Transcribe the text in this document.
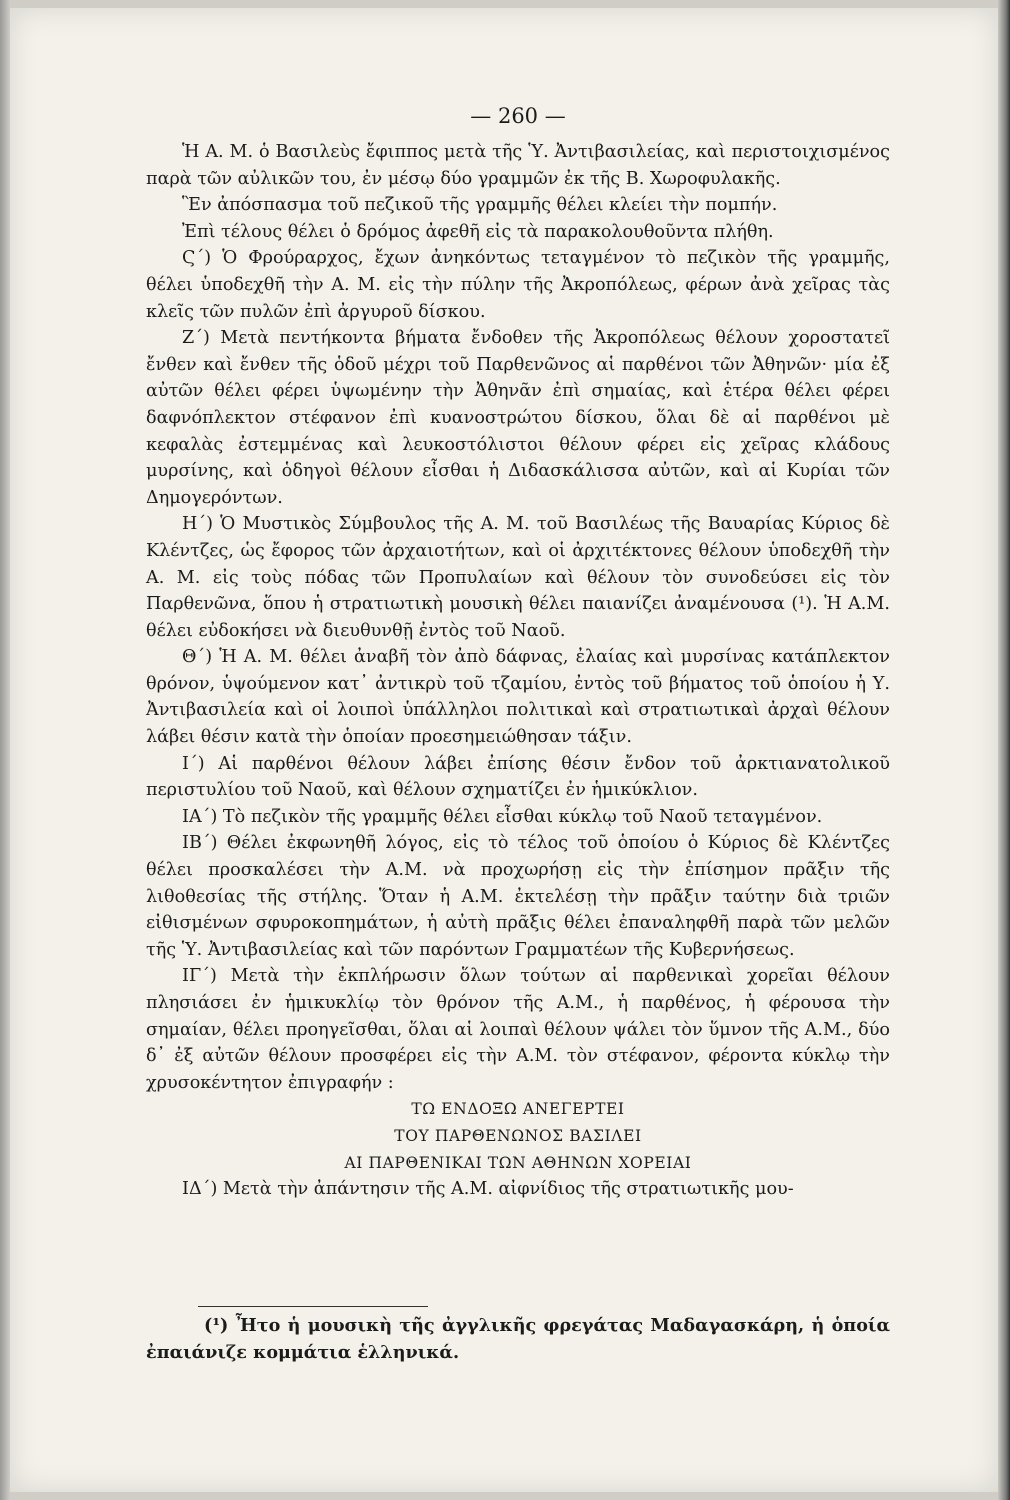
— 260 —

Ἡ Α. Μ. ὁ Βασιλεὺς ἔφιππος μετὰ τῆς Ὑ. Ἀντιβασιλείας, καὶ περιστοιχισμένος παρὰ τῶν αὐλικῶν του, ἐν μέσῳ δύο γραμμῶν ἐκ τῆς Β. Χωροφυλακῆς.

Ἓν ἀπόσπασμα τοῦ πεζικοῦ τῆς γραμμῆς θέλει κλείει τὴν πομπήν.

Ἐπὶ τέλους θέλει ὁ δρόμος ἀφεθῆ εἰς τὰ παρακολουθοῦντα πλήθη.

Ϛ΄) Ὁ Φρούραρχος, ἔχων ἀνηκόντως τεταγμένον τὸ πεζικὸν τῆς γραμμῆς, θέλει ὑποδεχθῆ τὴν Α. Μ. εἰς τὴν πύλην τῆς Ἀκροπόλεως, φέρων ἀνὰ χεῖρας τὰς κλεῖς τῶν πυλῶν ἐπὶ ἀργυροῦ δίσκου.

Ζ΄) Μετὰ πεντήκοντα βήματα ἔνδοθεν τῆς Ἀκροπόλεως θέλουν χοροστατεῖ ἔνθεν καὶ ἔνθεν τῆς ὁδοῦ μέχρι τοῦ Παρθενῶνος αἱ παρθένοι τῶν Ἀθηνῶν· μία ἐξ αὐτῶν θέλει φέρει ὑψωμένην τὴν Ἀθηνᾶν ἐπὶ σημαίας, καὶ ἑτέρα θέλει φέρει δαφνόπλεκτον στέφανον ἐπὶ κυανοστρώτου δίσκου, ὅλαι δὲ αἱ παρθένοι μὲ κεφαλὰς ἐστεμμένας καὶ λευκοστόλιστοι θέλουν φέρει εἰς χεῖρας κλάδους μυρσίνης, καὶ ὁδηγοὶ θέλουν εἶσθαι ἡ Διδασκάλισσα αὐτῶν, καὶ αἱ Κυρίαι τῶν Δημογερόντων.

Η΄) Ὁ Μυστικὸς Σύμβουλος τῆς Α. Μ. τοῦ Βασιλέως τῆς Βαυαρίας Κύριος δὲ Κλέντζες, ὡς ἔφορος τῶν ἀρχαιοτήτων, καὶ οἱ ἀρχιτέκτονες θέλουν ὑποδεχθῆ τὴν Α. Μ. εἰς τοὺς πόδας τῶν Προπυλαίων καὶ θέλουν τὸν συνοδεύσει εἰς τὸν Παρθενῶνα, ὅπου ἡ στρατιωτικὴ μουσικὴ θέλει παιανίζει ἀναμένουσα (¹). Ἡ Α.Μ. θέλει εὐδοκήσει νὰ διευθυνθῇ ἐντὸς τοῦ Ναοῦ.

Θ΄) Ἡ Α. Μ. θέλει ἀναβῆ τὸν ἀπὸ δάφνας, ἐλαίας καὶ μυρσίνας κατάπλεκτον θρόνον, ὑψούμενον κατ᾽ ἀντικρὺ τοῦ τζαμίου, ἐντὸς τοῦ βήματος τοῦ ὁποίου ἡ Υ. Ἀντιβασιλεία καὶ οἱ λοιποὶ ὑπάλληλοι πολιτικαὶ καὶ στρατιωτικαὶ ἀρχαὶ θέλουν λάβει θέσιν κατὰ τὴν ὁποίαν προεσημειώθησαν τάξιν.

Ι΄) Αἱ παρθένοι θέλουν λάβει ἐπίσης θέσιν ἔνδον τοῦ ἀρκτιανατολικοῦ περιστυλίου τοῦ Ναοῦ, καὶ θέλουν σχηματίζει ἐν ἡμικύκλιον.

ΙΑ΄) Τὸ πεζικὸν τῆς γραμμῆς θέλει εἶσθαι κύκλῳ τοῦ Ναοῦ τεταγμένον.

ΙΒ΄) Θέλει ἐκφωνηθῆ λόγος, εἰς τὸ τέλος τοῦ ὁποίου ὁ Κύριος δὲ Κλέντζες θέλει προσκαλέσει τὴν Α.Μ. νὰ προχωρήσῃ εἰς τὴν ἐπίσημον πρᾶξιν τῆς λιθοθεσίας τῆς στήλης. Ὅταν ἡ Α.Μ. ἐκτελέσῃ τὴν πρᾶξιν ταύτην διὰ τριῶν εἰθισμένων σφυροκοπημάτων, ἡ αὐτὴ πρᾶξις θέλει ἐπαναληφθῆ παρὰ τῶν μελῶν τῆς Ὑ. Ἀντιβασιλείας καὶ τῶν παρόντων Γραμματέων τῆς Κυβερνήσεως.

ΙΓ΄) Μετὰ τὴν ἐκπλήρωσιν ὅλων τούτων αἱ παρθενικαὶ χορεῖαι θέλουν πλησιάσει ἐν ἡμικυκλίῳ τὸν θρόνον τῆς Α.Μ., ἡ παρθένος, ἡ φέρουσα τὴν σημαίαν, θέλει προηγεῖσθαι, ὅλαι αἱ λοιπαὶ θέλουν ψάλει τὸν ὕμνον τῆς Α.Μ., δύο δ᾽ ἐξ αὐτῶν θέλουν προσφέρει εἰς τὴν Α.Μ. τὸν στέφανον, φέροντα κύκλῳ τὴν χρυσοκέντητον ἐπιγραφήν :

ΤΩ ΕΝΔΟΞΩ ΑΝΕΓΕΡΤΕΙ

ΤΟΥ ΠΑΡΘΕΝΩΝΟΣ ΒΑΣΙΛΕΙ

ΑΙ ΠΑΡΘΕΝΙΚΑΙ ΤΩΝ ΑΘΗΝΩΝ ΧΟΡΕΙΑΙ

ΙΔ΄) Μετὰ τὴν ἀπάντησιν τῆς Α.Μ. αἰφνίδιος τῆς στρατιωτικῆς μου-

(¹) Ἦτο ἡ μουσικὴ τῆς ἀγγλικῆς φρεγάτας Μαδαγασκάρη, ἡ ὁποία ἐπαιάνιζε κομμάτια ἑλληνικά.
